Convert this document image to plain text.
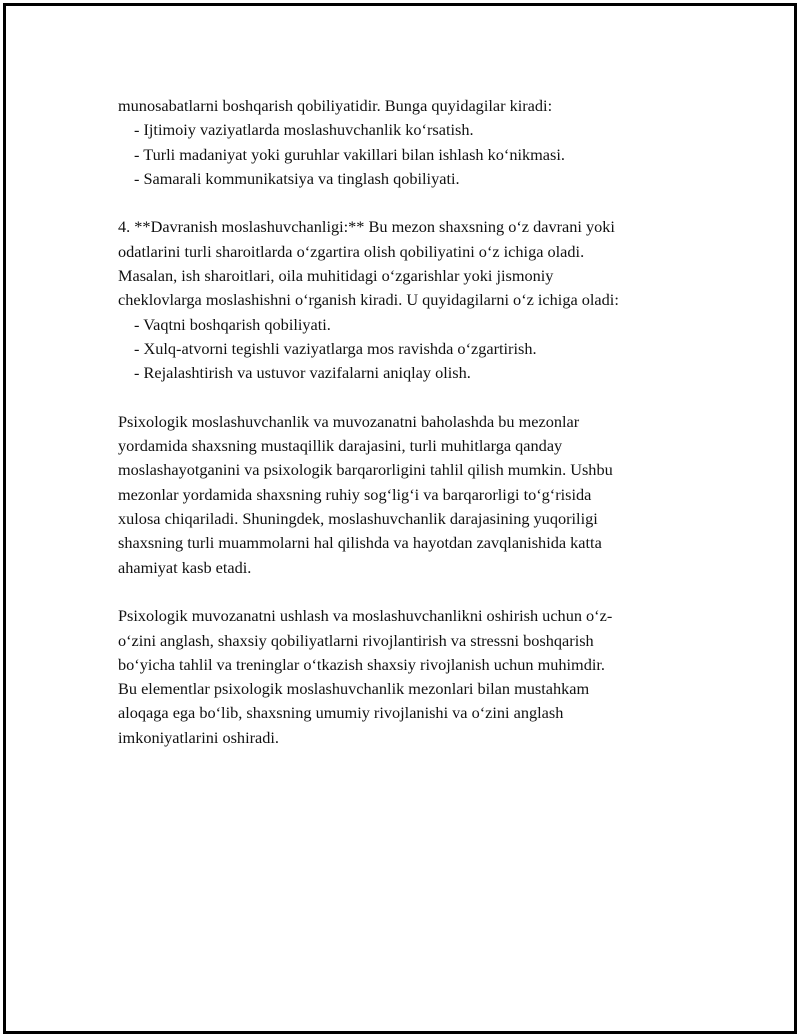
munosabatlarni boshqarish qobiliyatidir. Bunga quyidagilar kiradi:

- Ijtimoiy vaziyatlarda moslashuvchanlik koʻrsatish.

- Turli madaniyat yoki guruhlar vakillari bilan ishlash koʻnikmasi.

- Samarali kommunikatsiya va tinglash qobiliyati.

4. **Davranish moslashuvchanligi:** Bu mezon shaxsning oʻz davrani yoki

odatlarini turli sharoitlarda oʻzgartira olish qobiliyatini oʻz ichiga oladi.

Masalan, ish sharoitlari, oila muhitidagi oʻzgarishlar yoki jismoniy

cheklovlarga moslashishni oʻrganish kiradi. U quyidagilarni oʻz ichiga oladi:

- Vaqtni boshqarish qobiliyati.

- Xulq-atvorni tegishli vaziyatlarga mos ravishda oʻzgartirish.

- Rejalashtirish va ustuvor vazifalarni aniqlay olish.

Psixologik moslashuvchanlik va muvozanatni baholashda bu mezonlar

yordamida shaxsning mustaqillik darajasini, turli muhitlarga qanday

moslashayotganini va psixologik barqarorligini tahlil qilish mumkin. Ushbu

mezonlar yordamida shaxsning ruhiy sogʻligʻi va barqarorligi toʻgʻrisida

xulosa chiqariladi. Shuningdek, moslashuvchanlik darajasining yuqoriligi

shaxsning turli muammolarni hal qilishda va hayotdan zavqlanishida katta

ahamiyat kasb etadi.

Psixologik muvozanatni ushlash va moslashuvchanlikni oshirish uchun oʻz-

oʻzini anglash, shaxsiy qobiliyatlarni rivojlantirish va stressni boshqarish

boʻyicha tahlil va treninglar oʻtkazish shaxsiy rivojlanish uchun muhimdir.

Bu elementlar psixologik moslashuvchanlik mezonlari bilan mustahkam

aloqaga ega boʻlib, shaxsning umumiy rivojlanishi va oʻzini anglash

imkoniyatlarini oshiradi.
